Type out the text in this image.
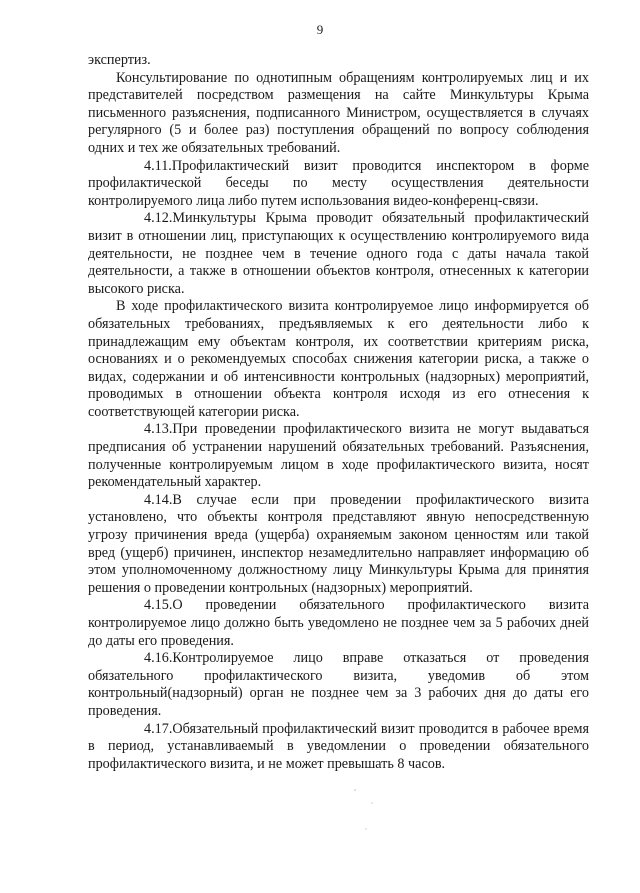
9

экспертиз.

Консультирование по однотипным обращениям контролируемых лиц и их представителей посредством размещения на сайте Минкультуры Крыма письменного разъяснения, подписанного Министром, осуществляется в случаях регулярного (5 и более раз) поступления обращений по вопросу соблюдения одних и тех же обязательных требований.

4.11.Профилактический визит проводится инспектором в форме профилактической беседы по месту осуществления деятельности контролируемого лица либо путем использования видео-конференц-связи.

4.12.Минкультуры Крыма проводит обязательный профилактический визит в отношении лиц, приступающих к осуществлению контролируемого вида деятельности, не позднее чем в течение одного года с даты начала такой деятельности, а также в отношении объектов контроля, отнесенных к категории высокого риска.

В ходе профилактического визита контролируемое лицо информируется об обязательных требованиях, предъявляемых к его деятельности либо к принадлежащим ему объектам контроля, их соответствии критериям риска, основаниях и о рекомендуемых способах снижения категории риска, а также о видах, содержании и об интенсивности контрольных (надзорных) мероприятий, проводимых в отношении объекта контроля исходя из его отнесения к соответствующей категории риска.

4.13.При проведении профилактического визита не могут выдаваться предписания об устранении нарушений обязательных требований. Разъяснения, полученные контролируемым лицом в ходе профилактического визита, носят рекомендательный характер.

4.14.В случае если при проведении профилактического визита установлено, что объекты контроля представляют явную непосредственную угрозу причинения вреда (ущерба) охраняемым законом ценностям или такой вред (ущерб) причинен, инспектор незамедлительно направляет информацию об этом уполномоченному должностному лицу Минкультуры Крыма для принятия решения о проведении контрольных (надзорных) мероприятий.

4.15.О проведении обязательного профилактического визита контролируемое лицо должно быть уведомлено не позднее чем за 5 рабочих дней до даты его проведения.

4.16.Контролируемое лицо вправе отказаться от проведения обязательного профилактического визита, уведомив об этом контрольный(надзорный) орган не позднее чем за 3 рабочих дня до даты его проведения.

4.17.Обязательный профилактический визит проводится в рабочее время в период, устанавливаемый в уведомлении о проведении обязательного профилактического визита, и не может превышать 8 часов.
